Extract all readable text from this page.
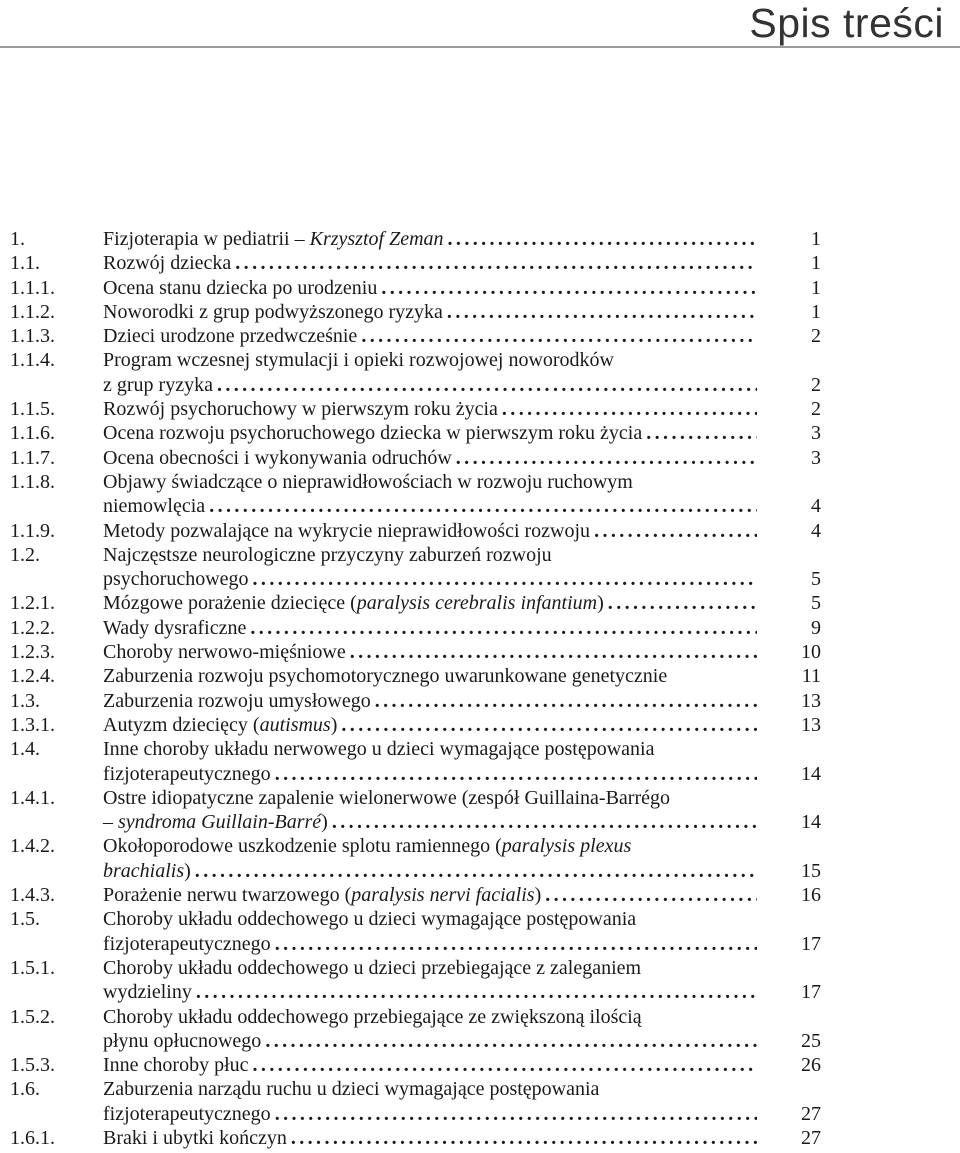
Spis treści
1.	Fizjoterapia w pediatrii – Krzysztof Zeman . . .	1
1.1.	Rozwój dziecka . . .	1
1.1.1. Ocena stanu dziecka po urodzeniu . . .	1
1.1.2. Noworodki z grup podwyższonego ryzyka . . .	1
1.1.3. Dzieci urodzone przedwcześnie . . .	2
1.1.4. Program wczesnej stymulacji i opieki rozwojowej noworodków
z grup ryzyka . . .	2
1.1.5. Rozwój psychoruchowy w pierwszym roku życia . . .	2
1.1.6. Ocena rozwoju psychoruchowego dziecka w pierwszym roku życia . . .	3
1.1.7. Ocena obecności i wykonywania odruchów . . .	3
1.1.8. Objawy świadczące o nieprawidłowościach w rozwoju ruchowym
niemowlęcia . . .	4
1.1.9. Metody pozwalające na wykrycie nieprawidłowości rozwoju . . .	4
1.2.	Najczęstsze neurologiczne przyczyny zaburzeń rozwoju
psychoruchowego . . .	5
1.2.1. Mózgowe porażenie dziecięce (paralysis cerebralis infantium) . . .	5
1.2.2. Wady dysraficzne . . .	9
1.2.3. Choroby nerwowo-mięśniowe . . .	10
1.2.4. Zaburzenia rozwoju psychomotorycznego uwarunkowane genetycznie	11
1.3.	Zaburzenia rozwoju umysłowego . . .	13
1.3.1. Autyzm dziecięcy (autismus) . . .	13
1.4.	Inne choroby układu nerwowego u dzieci wymagające postępowania
fizjoterapeutycznego . . .	14
1.4.1. Ostre idiopatyczne zapalenie wielonerwowe (zespół Guillaina-Barrégo
– syndroma Guillain-Barré) . . .	14
1.4.2. Okołoporodowe uszkodzenie splotu ramiennego (paralysis plexus
brachialis) . . .	15
1.4.3. Porażenie nerwu twarzowego (paralysis nervi facialis) . . .	16
1.5.	Choroby układu oddechowego u dzieci wymagające postępowania
fizjoterapeutycznego . . .	17
1.5.1. Choroby układu oddechowego u dzieci przebiegające z zaleganiem
wydzieliny . . .	17
1.5.2. Choroby układu oddechowego przebiegające ze zwiększoną ilością
płynu opłucnowego . . .	25
1.5.3. Inne choroby płuc . . .	26
1.6.	Zaburzenia narządu ruchu u dzieci wymagające postępowania
fizjoterapeutycznego . . .	27
1.6.1. Braki i ubytki kończyn . . .	27
